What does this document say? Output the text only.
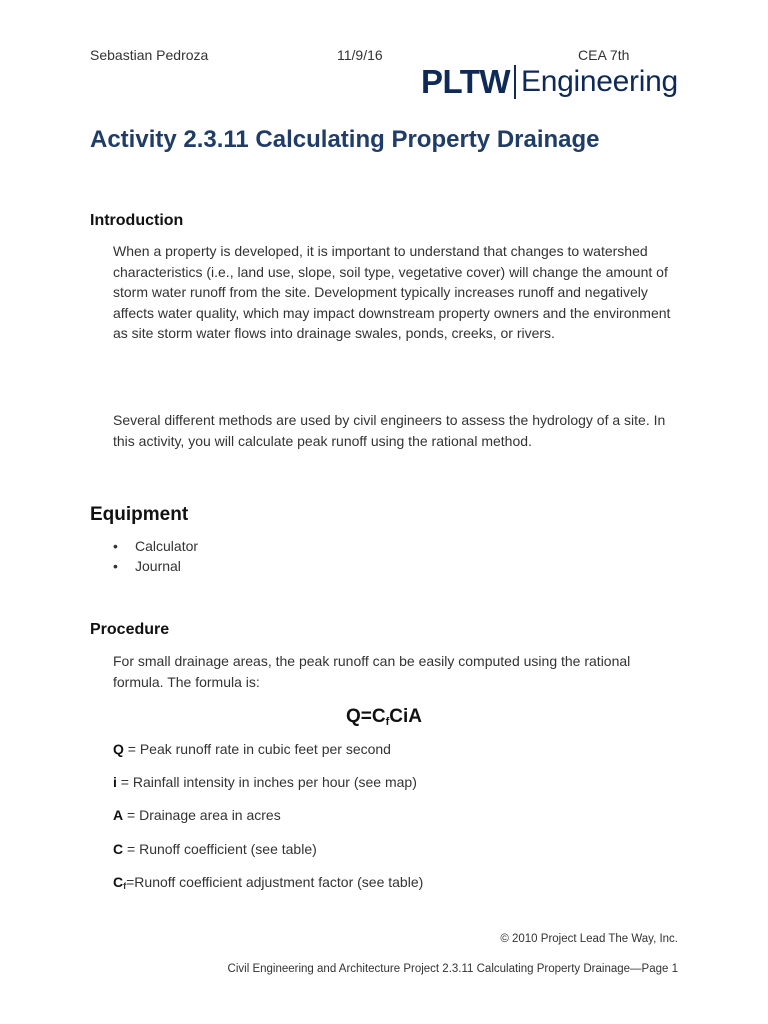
Sebastian Pedroza	11/9/16	CEA 7th
PLTW Engineering
Activity 2.3.11 Calculating Property Drainage
Introduction
When a property is developed, it is important to understand that changes to watershed characteristics (i.e., land use, slope, soil type, vegetative cover) will change the amount of storm water runoff from the site. Development typically increases runoff and negatively affects water quality, which may impact downstream property owners and the environment as site storm water flows into drainage swales, ponds, creeks, or rivers.
Several different methods are used by civil engineers to assess the hydrology of a site. In this activity, you will calculate peak runoff using the rational method.
Equipment
• Calculator
• Journal
Procedure
For small drainage areas, the peak runoff can be easily computed using the rational formula. The formula is:
$Q=C_fCiA$
Q = Peak runoff rate in cubic feet per second
i = Rainfall intensity in inches per hour (see map)
A = Drainage area in acres
C = Runoff coefficient (see table)
$C_f=Runoff$ coefficient adjustment factor (see table)
© 2010 Project Lead The Way, Inc.
Civil Engineering and Architecture Project 2.3.11 Calculating Property Drainage—Page 1
